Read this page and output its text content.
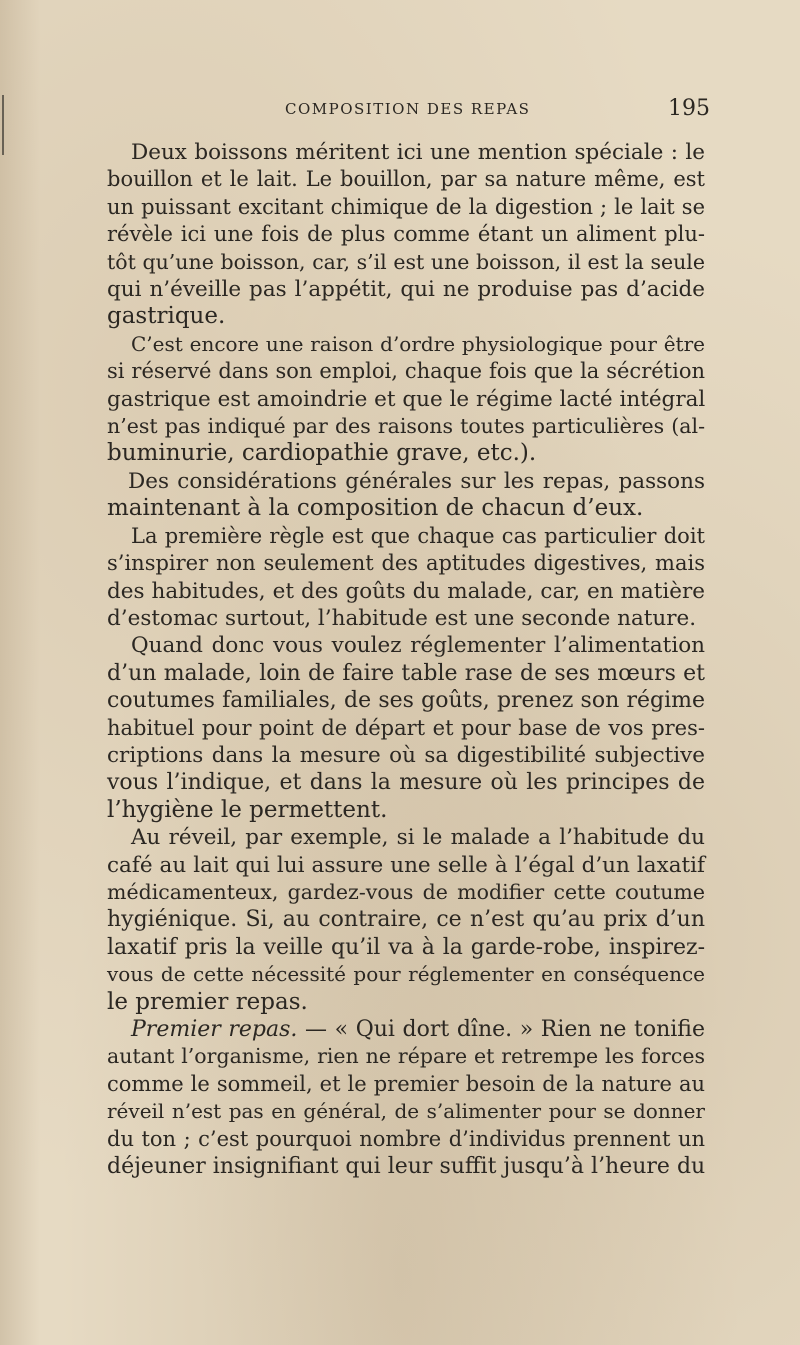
COMPOSITION DES REPAS	195
Deux boissons méritent ici une mention spéciale : le
bouillon et le lait. Le bouillon, par sa nature même, est
un puissant excitant chimique de la digestion ; le lait se
révèle ici une fois de plus comme étant un aliment plu-
tôt qu’une boisson, car, s’il est une boisson, il est la seule
qui n’éveille pas l’appétit, qui ne produise pas d’acide
gastrique.
C’est encore une raison d’ordre physiologique pour être
si réservé dans son emploi, chaque fois que la sécrétion
gastrique est amoindrie et que le régime lacté intégral
n’est pas indiqué par des raisons toutes particulières (al-
buminurie, cardiopathie grave, etc.).
Des considérations générales sur les repas, passons
maintenant à la composition de chacun d’eux.
La première règle est que chaque cas particulier doit
s’inspirer non seulement des aptitudes digestives, mais
des habitudes, et des goûts du malade, car, en matière
d’estomac surtout, l’habitude est une seconde nature.
Quand donc vous voulez réglementer l’alimentation
d’un malade, loin de faire table rase de ses mœurs et
coutumes familiales, de ses goûts, prenez son régime
habituel pour point de départ et pour base de vos pres-
criptions dans la mesure où sa digestibilité subjective
vous l’indique, et dans la mesure où les principes de
l’hygiène le permettent.
Au réveil, par exemple, si le malade a l’habitude du
café au lait qui lui assure une selle à l’égal d’un laxatif
médicamenteux, gardez-vous de modifier cette coutume
hygiénique. Si, au contraire, ce n’est qu’au prix d’un
laxatif pris la veille qu’il va à la garde-robe, inspirez-
vous de cette nécessité pour réglementer en conséquence
le premier repas.
Premier repas. — « Qui dort dîne. » Rien ne tonifie
autant l’organisme, rien ne répare et retrempe les forces
comme le sommeil, et le premier besoin de la nature au
réveil n’est pas en général, de s’alimenter pour se donner
du ton ; c’est pourquoi nombre d’individus prennent un
déjeuner insignifiant qui leur suffit jusqu’à l’heure du
